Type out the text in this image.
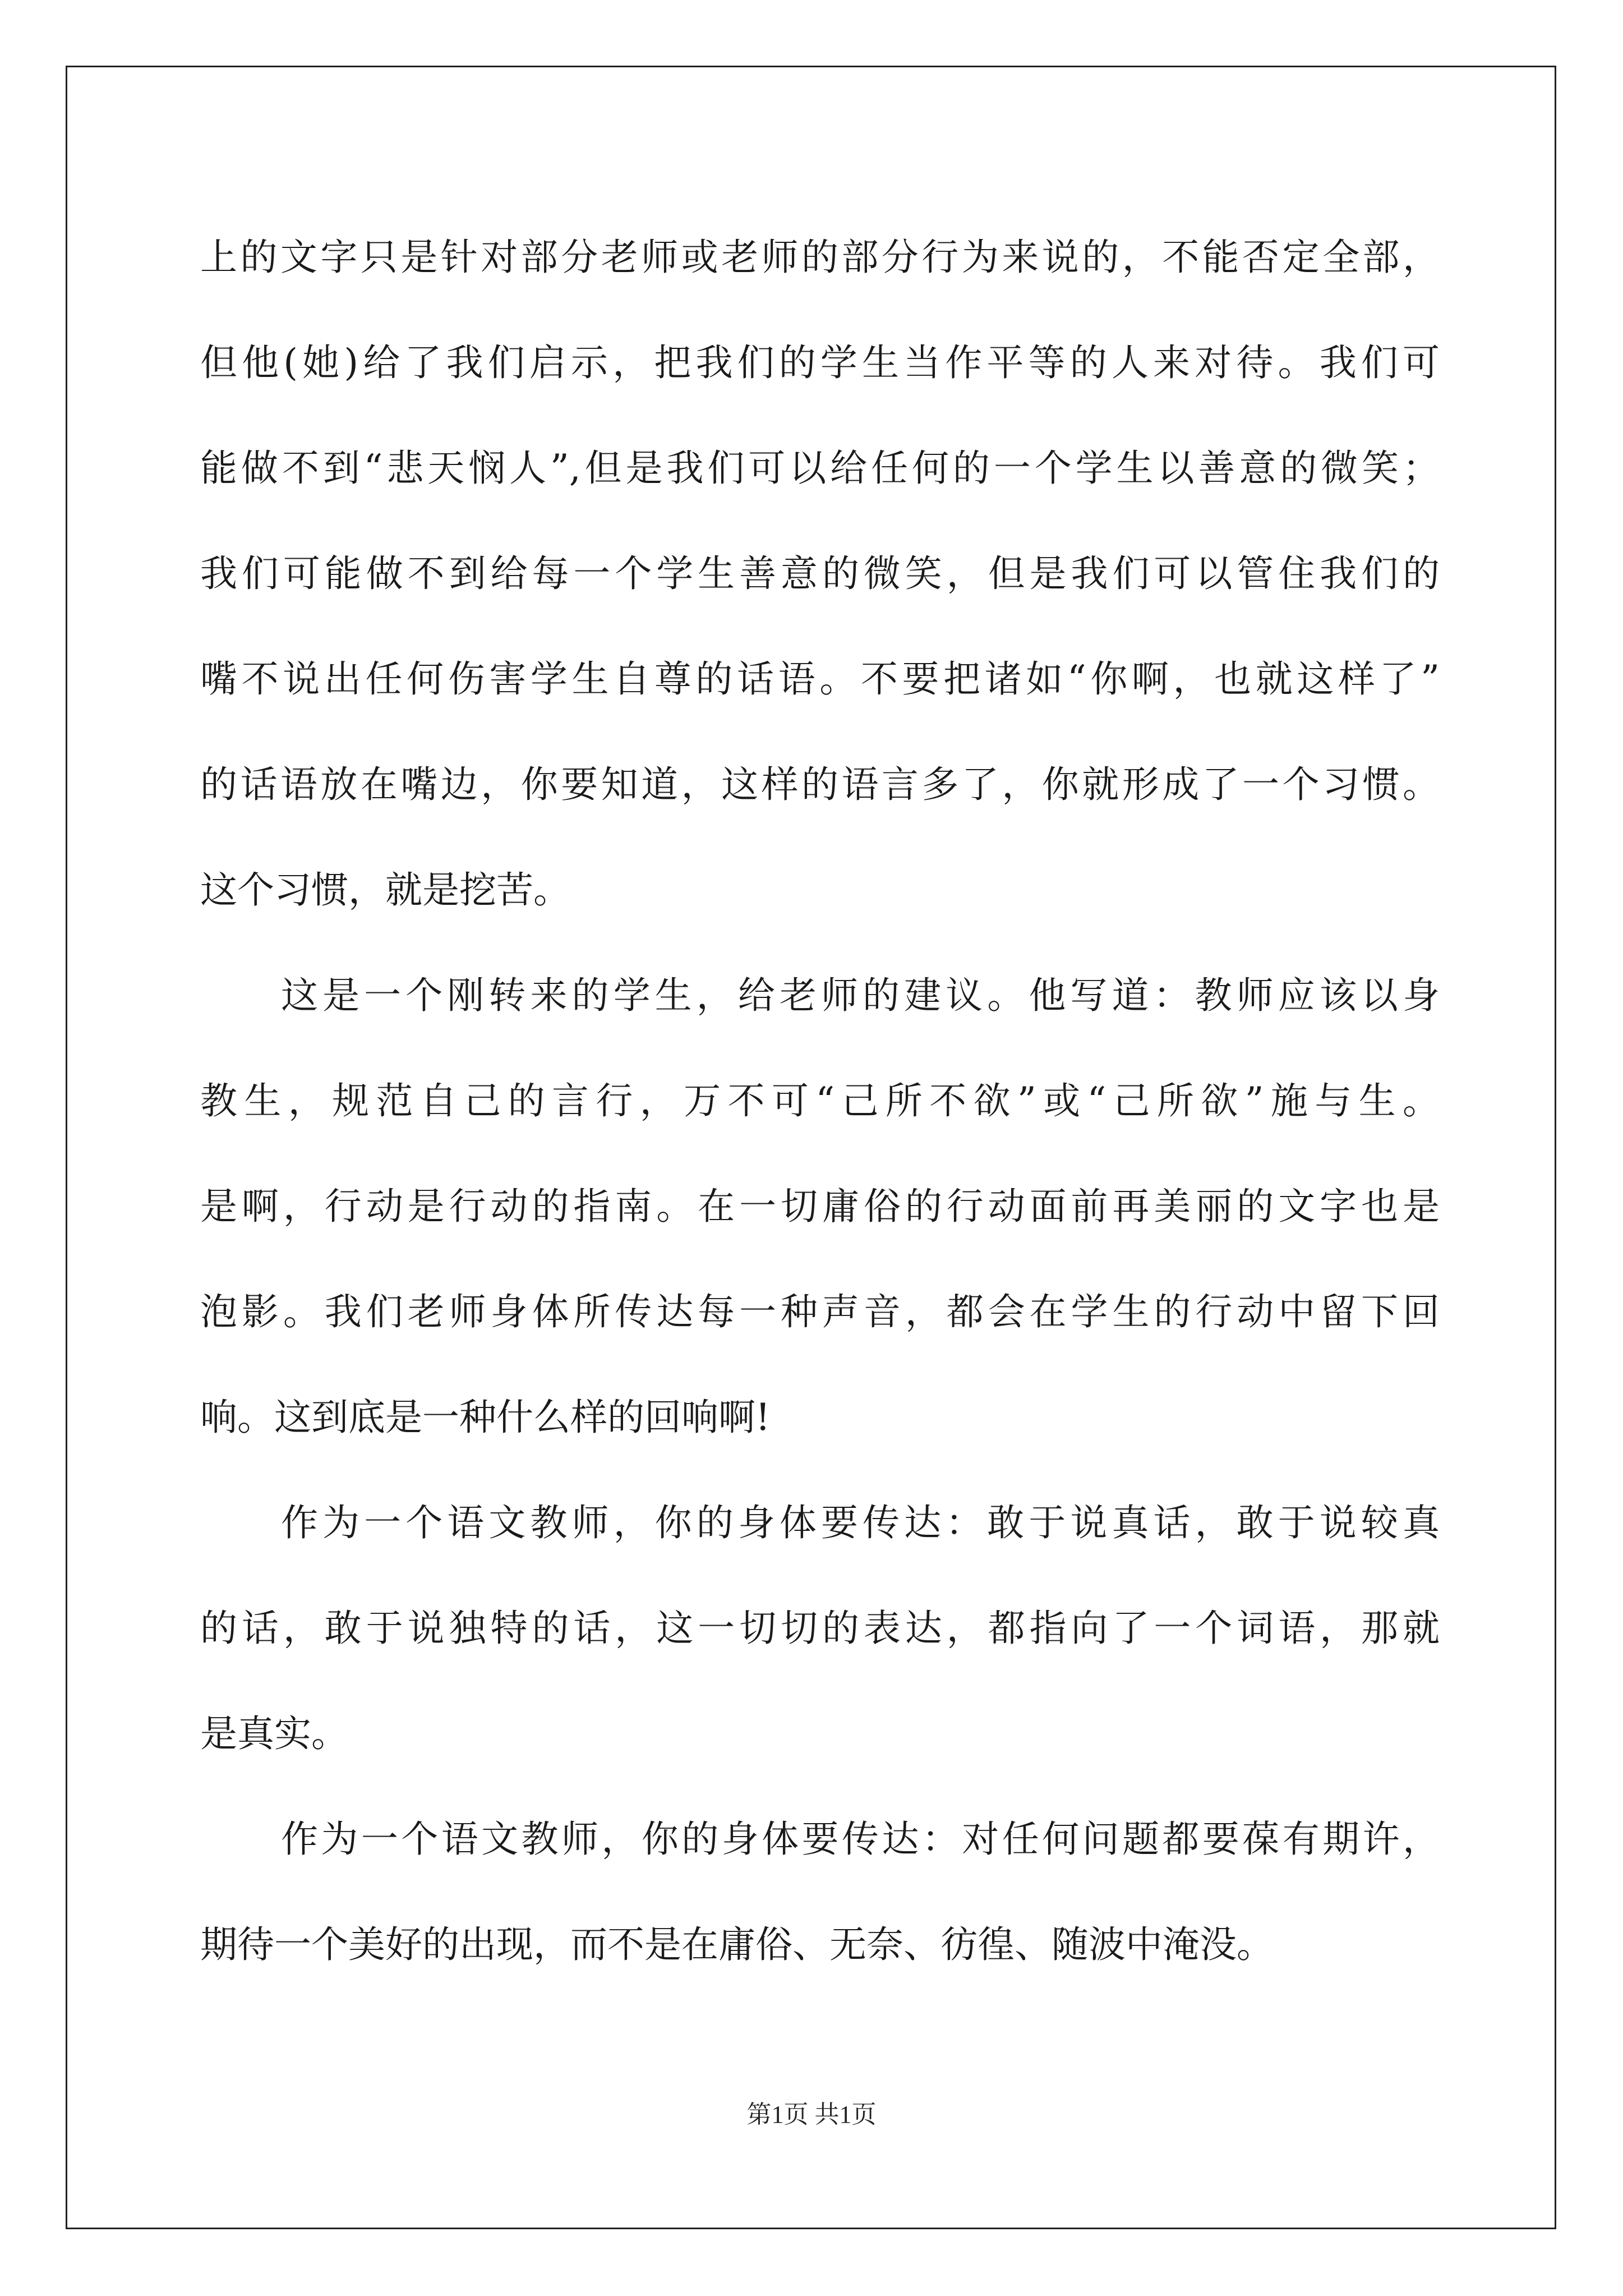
上的文字只是针对部分老师或老师的部分行为来说的，不能否定全部，
但他(她)给了我们启示，把我们的学生当作平等的人来对待。我们可
能做不到“悲天悯人”,但是我们可以给任何的一个学生以善意的微笑；
我们可能做不到给每一个学生善意的微笑，但是我们可以管住我们的
嘴不说出任何伤害学生自尊的话语。不要把诸如“你啊，也就这样了”
的话语放在嘴边，你要知道，这样的语言多了，你就形成了一个习惯。
这个习惯，就是挖苦。

这是一个刚转来的学生，给老师的建议。他写道：教师应该以身
教生，规范自己的言行，万不可“己所不欲”或“己所欲”施与生。
是啊，行动是行动的指南。在一切庸俗的行动面前再美丽的文字也是
泡影。我们老师身体所传达每一种声音，都会在学生的行动中留下回
响。这到底是一种什么样的回响啊!

作为一个语文教师，你的身体要传达：敢于说真话，敢于说较真
的话，敢于说独特的话，这一切切的表达，都指向了一个词语，那就
是真实。

作为一个语文教师，你的身体要传达：对任何问题都要葆有期许，
期待一个美好的出现，而不是在庸俗、无奈、彷徨、随波中淹没。

第1页 共1页
